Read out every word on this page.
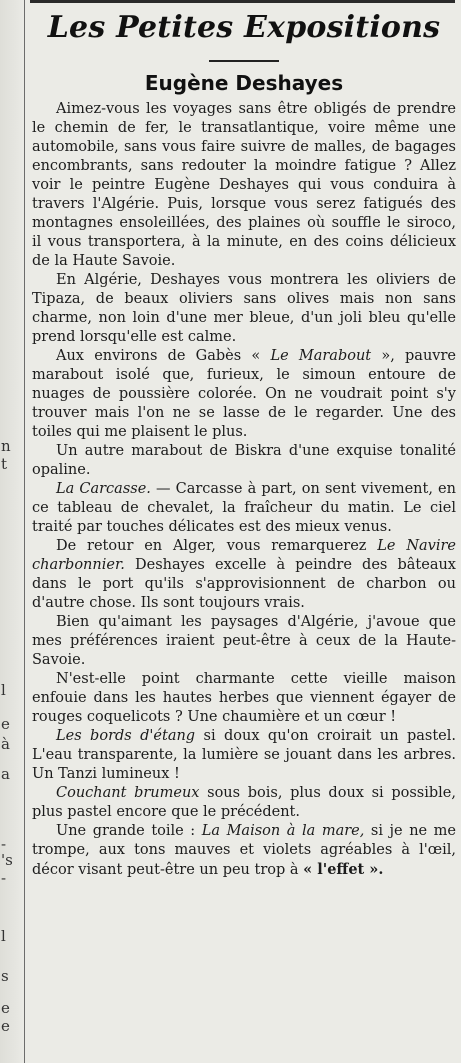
n
t
l
e
à
a
-
's
-
l
s
e
e
Les Petites Expositions
Eugène Deshayes

Aimez-vous les voyages sans être obligés de prendre le chemin de fer, le transatlantique, voire même une automobile, sans vous faire suivre de malles, de bagages encombrants, sans redouter la moindre fatigue ? Allez voir le peintre Eugène Deshayes qui vous conduira à travers l'Algérie. Puis, lorsque vous serez fatigués des montagnes ensoleillées, des plaines où souffle le siroco, il vous transportera, à la minute, en des coins délicieux de la Haute Savoie.

En Algérie, Deshayes vous montrera les oliviers de Tipaza, de beaux oliviers sans olives mais non sans charme, non loin d'une mer bleue, d'un joli bleu qu'elle prend lorsqu'elle est calme.

Aux environs de Gabès « Le Marabout », pauvre marabout isolé que, furieux, le simoun entoure de nuages de poussière colorée. On ne voudrait point s'y trouver mais l'on ne se lasse de le regarder. Une des toiles qui me plaisent le plus.

Un autre marabout de Biskra d'une exquise tonalité opaline.

La Carcasse. — Carcasse à part, on sent vivement, en ce tableau de chevalet, la fraîcheur du matin. Le ciel traité par touches délicates est des mieux venus.

De retour en Alger, vous remarquerez Le Navire charbonnier. Deshayes excelle à peindre des bâteaux dans le port qu'ils s'approvisionnent de charbon ou d'autre chose. Ils sont toujours vrais.

Bien qu'aimant les paysages d'Algérie, j'avoue que mes préférences iraient peut-être à ceux de la Haute-Savoie.

N'est-elle point charmante cette vieille maison enfouie dans les hautes herbes que viennent égayer de rouges coquelicots ? Une chaumière et un cœur !

Les bords d'étang si doux qu'on croirait un pastel. L'eau transparente, la lumière se jouant dans les arbres. Un Tanzi lumineux !

Couchant brumeux sous bois, plus doux si possible, plus pastel encore que le précédent.

Une grande toile : La Maison à la mare, si je ne me trompe, aux tons mauves et violets agréables à l'œil, décor visant peut-être un peu trop à « l'effet ».
